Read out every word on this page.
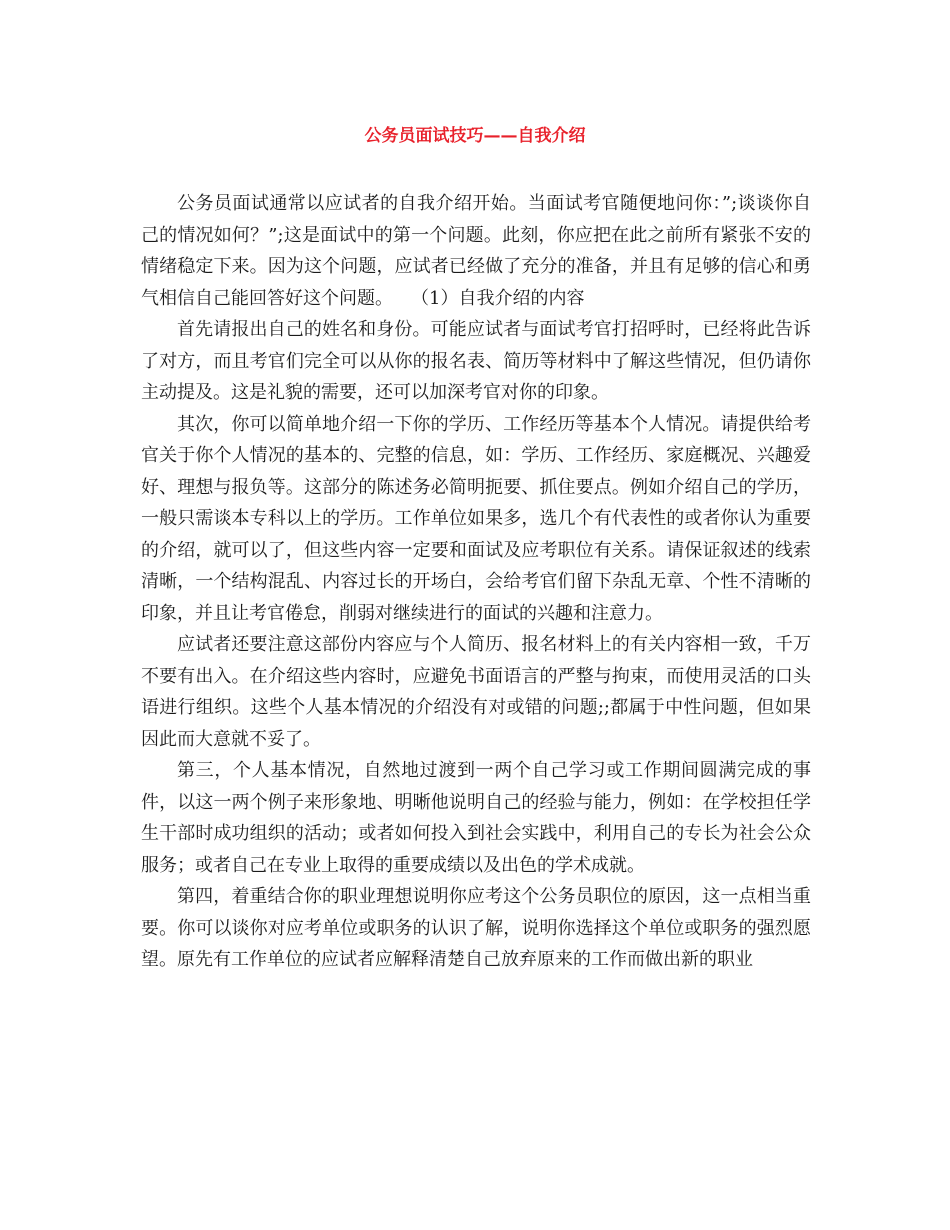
公务员面试技巧——自我介绍

公务员面试通常以应试者的自我介绍开始。当面试考官随便地问你：”;谈谈你自己的情况如何？”;这是面试中的第一个问题。此刻，你应把在此之前所有紧张不安的情绪稳定下来。因为这个问题，应试者已经做了充分的准备，并且有足够的信心和勇气相信自己能回答好这个问题。　　（1）自我介绍的内容

首先请报出自己的姓名和身份。可能应试者与面试考官打招呼时，已经将此告诉了对方，而且考官们完全可以从你的报名表、简历等材料中了解这些情况，但仍请你主动提及。这是礼貌的需要，还可以加深考官对你的印象。

其次，你可以简单地介绍一下你的学历、工作经历等基本个人情况。请提供给考官关于你个人情况的基本的、完整的信息，如：学历、工作经历、家庭概况、兴趣爱好、理想与报负等。这部分的陈述务必简明扼要、抓住要点。例如介绍自己的学历，一般只需谈本专科以上的学历。工作单位如果多，选几个有代表性的或者你认为重要的介绍，就可以了，但这些内容一定要和面试及应考职位有关系。请保证叙述的线索清晰，一个结构混乱、内容过长的开场白，会给考官们留下杂乱无章、个性不清晰的印象，并且让考官倦怠，削弱对继续进行的面试的兴趣和注意力。

应试者还要注意这部份内容应与个人简历、报名材料上的有关内容相一致，千万不要有出入。在介绍这些内容时，应避免书面语言的严整与拘束，而使用灵活的口头语进行组织。这些个人基本情况的介绍没有对或错的问题;;都属于中性问题，但如果因此而大意就不妥了。

第三，个人基本情况，自然地过渡到一两个自己学习或工作期间圆满完成的事件，以这一两个例子来形象地、明晰他说明自己的经验与能力，例如：在学校担任学生干部时成功组织的活动；或者如何投入到社会实践中，利用自己的专长为社会公众服务；或者自己在专业上取得的重要成绩以及出色的学术成就。

第四，着重结合你的职业理想说明你应考这个公务员职位的原因，这一点相当重要。你可以谈你对应考单位或职务的认识了解，说明你选择这个单位或职务的强烈愿望。原先有工作单位的应试者应解释清楚自己放弃原来的工作而做出新的职业
